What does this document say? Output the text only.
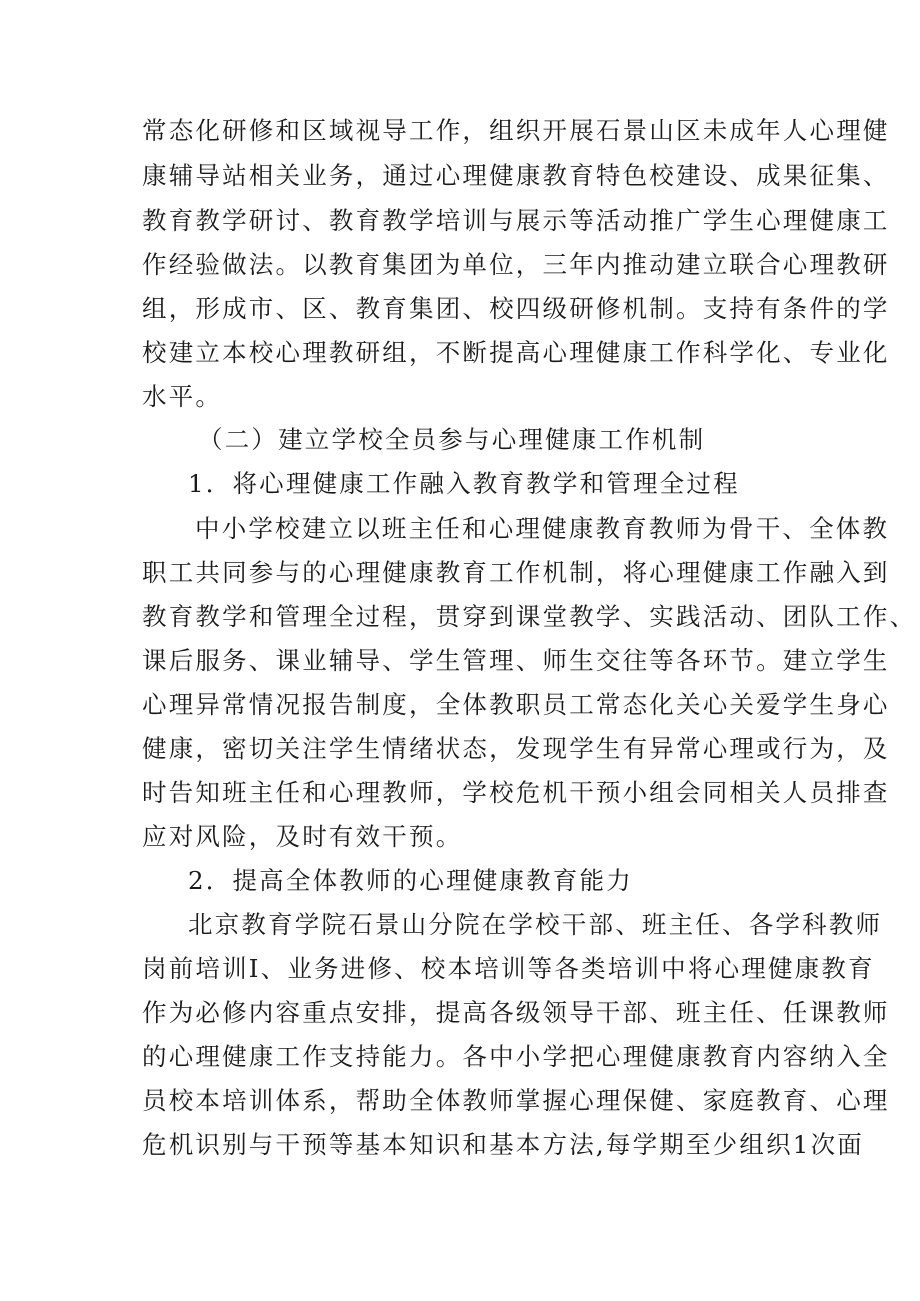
常态化研修和区域视导工作，组织开展石景山区未成年人心理健
康辅导站相关业务，通过心理健康教育特色校建设、成果征集、
教育教学研讨、教育教学培训与展示等活动推广学生心理健康工
作经验做法。以教育集团为单位，三年内推动建立联合心理教研
组，形成市、区、教育集团、校四级研修机制。支持有条件的学
校建立本校心理教研组，不断提高心理健康工作科学化、专业化
水平。
（二）建立学校全员参与心理健康工作机制
1．将心理健康工作融入教育教学和管理全过程
中小学校建立以班主任和心理健康教育教师为骨干、全体教
职工共同参与的心理健康教育工作机制，将心理健康工作融入到
教育教学和管理全过程，贯穿到课堂教学、实践活动、团队工作、
课后服务、课业辅导、学生管理、师生交往等各环节。建立学生
心理异常情况报告制度，全体教职员工常态化关心关爱学生身心
健康，密切关注学生情绪状态，发现学生有异常心理或行为，及
时告知班主任和心理教师，学校危机干预小组会同相关人员排查
应对风险，及时有效干预。
2．提高全体教师的心理健康教育能力
北京教育学院石景山分院在学校干部、班主任、各学科教师
岗前培训Ⅰ、业务进修、校本培训等各类培训中将心理健康教育
作为必修内容重点安排，提高各级领导干部、班主任、任课教师
的心理健康工作支持能力。各中小学把心理健康教育内容纳入全
员校本培训体系，帮助全体教师掌握心理保健、家庭教育、心理
危机识别与干预等基本知识和基本方法,每学期至少组织1次面
